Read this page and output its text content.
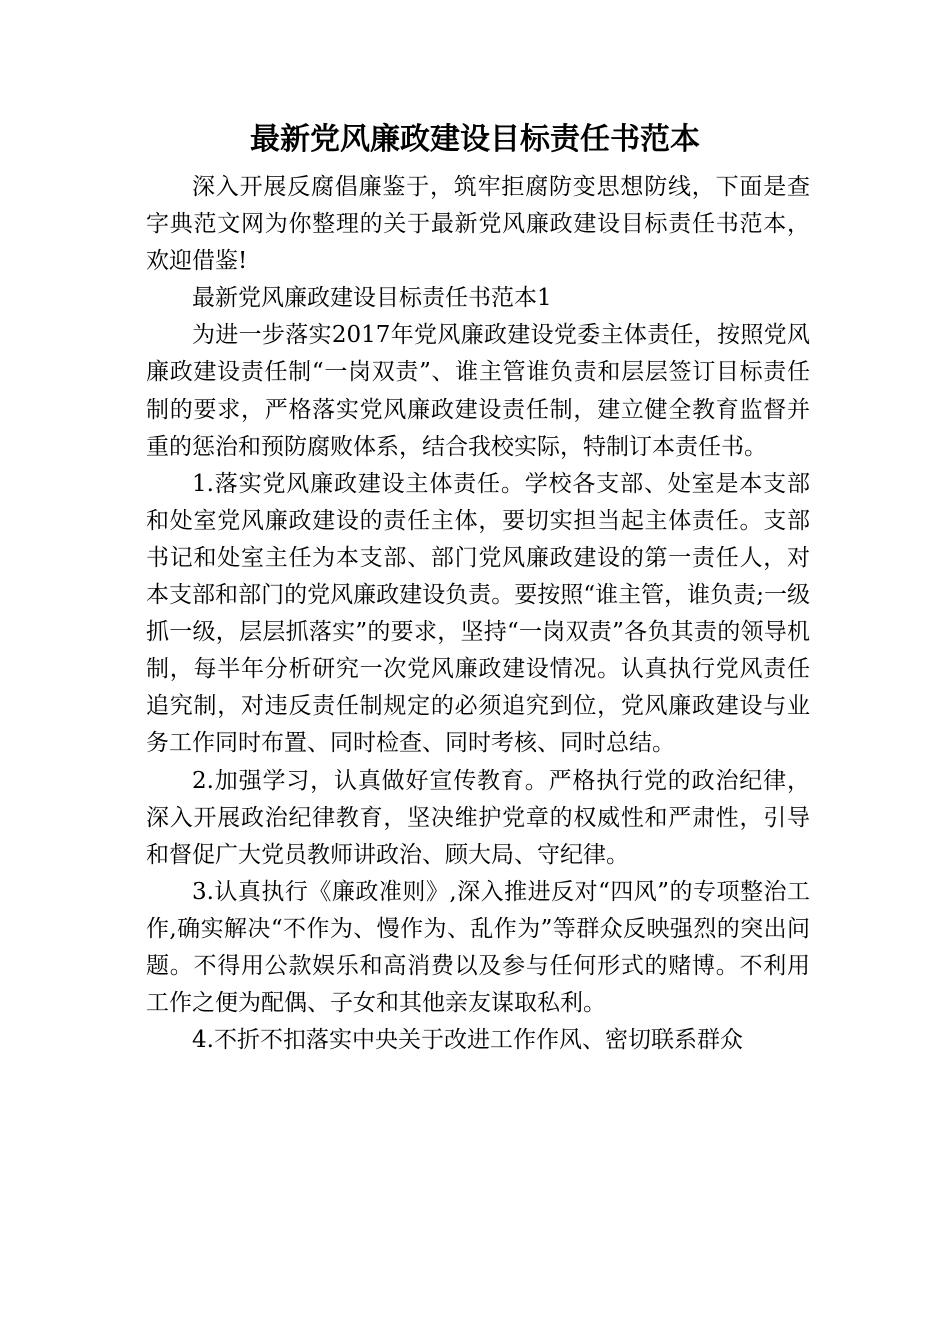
最新党风廉政建设目标责任书范本

深入开展反腐倡廉鉴于，筑牢拒腐防变思想防线，下面是查字典范文网为你整理的关于最新党风廉政建设目标责任书范本，欢迎借鉴!

最新党风廉政建设目标责任书范本1

为进一步落实2017年党风廉政建设党委主体责任，按照党风廉政建设责任制“一岗双责”、谁主管谁负责和层层签订目标责任制的要求，严格落实党风廉政建设责任制，建立健全教育监督并重的惩治和预防腐败体系，结合我校实际，特制订本责任书。

1.落实党风廉政建设主体责任。学校各支部、处室是本支部和处室党风廉政建设的责任主体，要切实担当起主体责任。支部书记和处室主任为本支部、部门党风廉政建设的第一责任人，对本支部和部门的党风廉政建设负责。要按照“谁主管，谁负责;一级抓一级，层层抓落实”的要求，坚持“一岗双责”各负其责的领导机制，每半年分析研究一次党风廉政建设情况。认真执行党风责任追究制，对违反责任制规定的必须追究到位，党风廉政建设与业务工作同时布置、同时检查、同时考核、同时总结。

2.加强学习，认真做好宣传教育。严格执行党的政治纪律，深入开展政治纪律教育，坚决维护党章的权威性和严肃性，引导和督促广大党员教师讲政治、顾大局、守纪律。

3.认真执行《廉政准则》,深入推进反对“四风”的专项整治工作,确实解决“不作为、慢作为、乱作为”等群众反映强烈的突出问题。不得用公款娱乐和高消费以及参与任何形式的赌博。不利用工作之便为配偶、子女和其他亲友谋取私利。

4.不折不扣落实中央关于改进工作作风、密切联系群众
